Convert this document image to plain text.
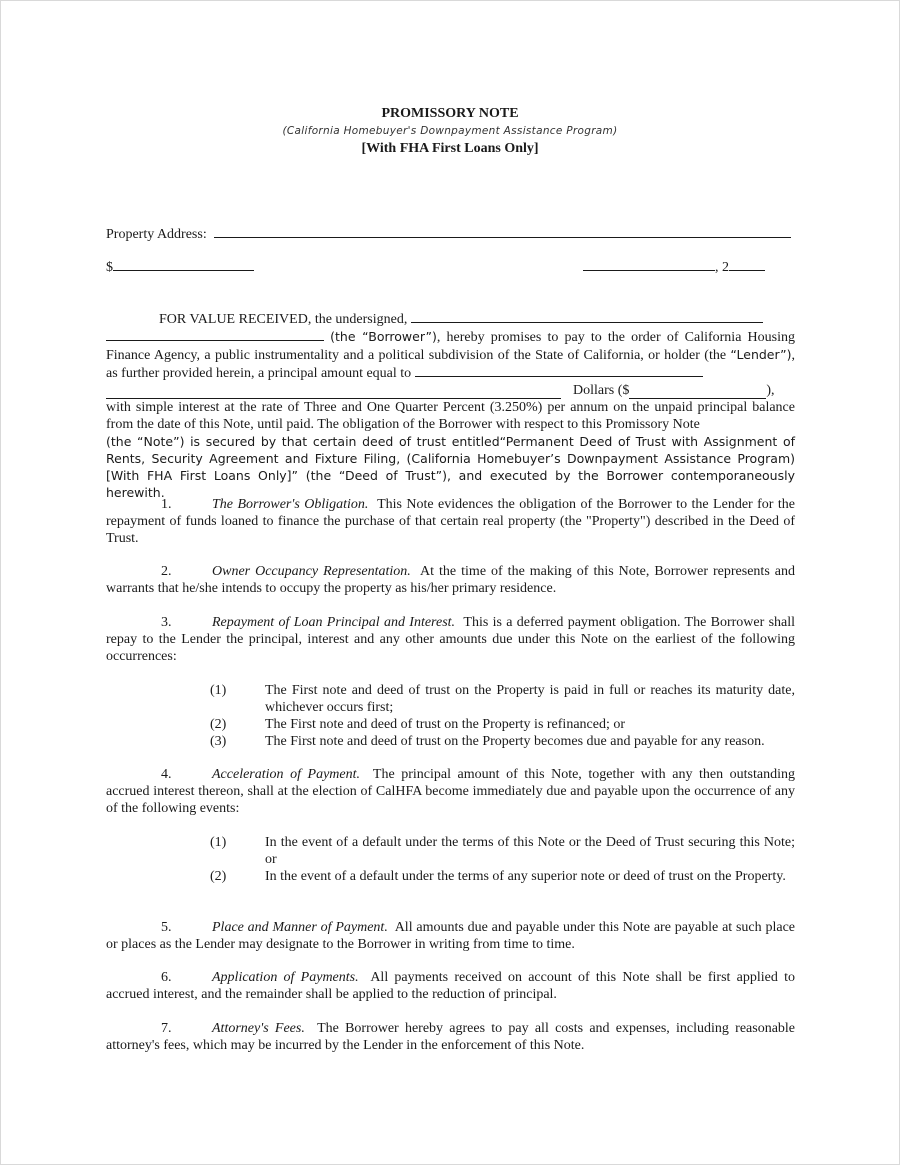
PROMISSORY NOTE
(California Homebuyer's Downpayment Assistance Program)
[With FHA First Loans Only]
Property Address:
$	, 2
FOR VALUE RECEIVED, the undersigned,
(the “Borrower”), hereby promises to pay to the order of California Housing Finance Agency, a public instrumentality and a political subdivision of the State of California, or holder (the “Lender”), as further provided herein, a principal amount equal to
Dollars ($	),
with simple interest at the rate of Three and One Quarter Percent (3.250%) per annum on the unpaid principal balance from the date of this Note, until paid. The obligation of the Borrower with respect to this Promissory Note
(the “Note”) is secured by that certain deed of trust entitled“Permanent Deed of Trust with Assignment of Rents, Security Agreement and Fixture Filing, (California Homebuyer’s Downpayment Assistance Program)[With FHA First Loans Only]” (the “Deed of Trust”), and executed by the Borrower contemporaneously herewith.
1.	The Borrower's Obligation. This Note evidences the obligation of the Borrower to the Lender for the repayment of funds loaned to finance the purchase of that certain real property (the "Property") described in the Deed of Trust.
2.	Owner Occupancy Representation. At the time of the making of this Note, Borrower represents and warrants that he/she intends to occupy the property as his/her primary residence.
3.	Repayment of Loan Principal and Interest. This is a deferred payment obligation. The Borrower shall repay to the Lender the principal, interest and any other amounts due under this Note on the earliest of the following occurrences:
(1)	The First note and deed of trust on the Property is paid in full or reaches its maturity date, whichever occurs first;
(2)	The First note and deed of trust on the Property is refinanced; or
(3)	The First note and deed of trust on the Property becomes due and payable for any reason.
4.	Acceleration of Payment. The principal amount of this Note, together with any then outstanding accrued interest thereon, shall at the election of CalHFA become immediately due and payable upon the occurrence of any of the following events:
(1)	In the event of a default under the terms of this Note or the Deed of Trust securing this Note; or
(2)	In the event of a default under the terms of any superior note or deed of trust on the Property.
5.	Place and Manner of Payment. All amounts due and payable under this Note are payable at such place or places as the Lender may designate to the Borrower in writing from time to time.
6.	Application of Payments. All payments received on account of this Note shall be first applied to accrued interest, and the remainder shall be applied to the reduction of principal.
7.	Attorney's Fees. The Borrower hereby agrees to pay all costs and expenses, including reasonable attorney's fees, which may be incurred by the Lender in the enforcement of this Note.
